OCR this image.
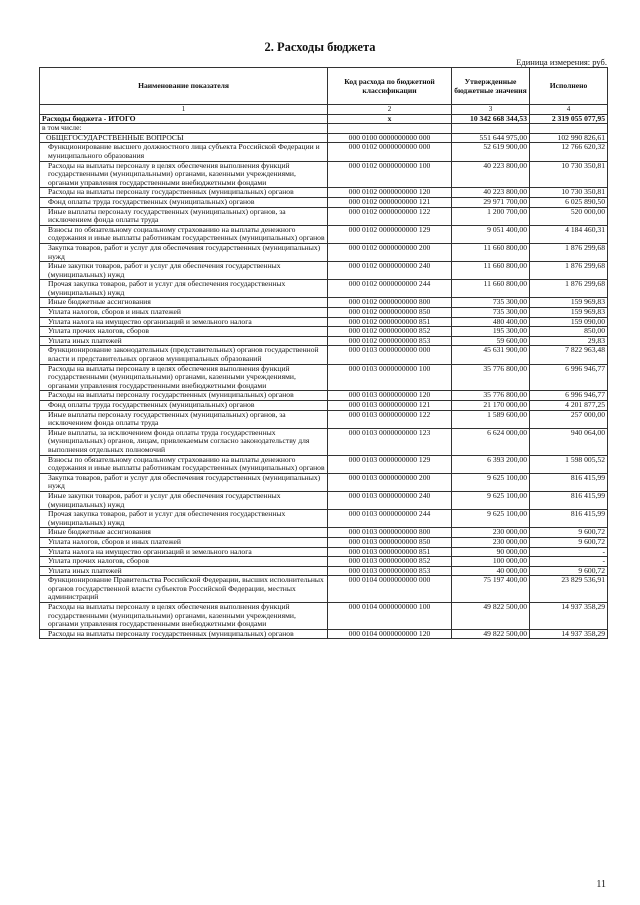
2. Расходы бюджета
Единица измерения: руб.
Наименование показателя	Код расхода по бюджетной классификации	Утвержденные бюджетные значения	Исполнено
1	2	3	4
Расходы бюджета - ИТОГО	x	10 342 668 344,53	2 319 055 077,95
в том числе:			
ОБЩЕГОСУДАРСТВЕННЫЕ ВОПРОСЫ	000 0100 0000000000 000	551 644 975,00	102 990 826,61
Функционирование высшего должностного лица субъекта Российской Федерации и муниципального образования	000 0102 0000000000 000	52 619 900,00	12 766 620,32
Расходы на выплаты персоналу в целях обеспечения выполнения функций государственными (муниципальными) органами, казенными учреждениями, органами управления государственными внебюджетными фондами	000 0102 0000000000 100	40 223 800,00	10 730 350,81
Расходы на выплаты персоналу государственных (муниципальных) органов	000 0102 0000000000 120	40 223 800,00	10 730 350,81
Фонд оплаты труда государственных (муниципальных) органов	000 0102 0000000000 121	29 971 700,00	6 025 890,50
Иные выплаты персоналу государственных (муниципальных) органов, за исключением фонда оплаты труда	000 0102 0000000000 122	1 200 700,00	520 000,00
Взносы по обязательному социальному страхованию на выплаты денежного содержания и иные выплаты работникам государственных (муниципальных) органов	000 0102 0000000000 129	9 051 400,00	4 184 460,31
Закупка товаров, работ и услуг для обеспечения государственных (муниципальных) нужд	000 0102 0000000000 200	11 660 800,00	1 876 299,68
Иные закупки товаров, работ и услуг для обеспечения государственных (муниципальных) нужд	000 0102 0000000000 240	11 660 800,00	1 876 299,68
Прочая закупка товаров, работ и услуг для обеспечения государственных (муниципальных) нужд	000 0102 0000000000 244	11 660 800,00	1 876 299,68
Иные бюджетные ассигнования	000 0102 0000000000 800	735 300,00	159 969,83
Уплата налогов, сборов и иных платежей	000 0102 0000000000 850	735 300,00	159 969,83
Уплата налога на имущество организаций и земельного налога	000 0102 0000000000 851	480 400,00	159 090,00
Уплата прочих налогов, сборов	000 0102 0000000000 852	195 300,00	850,00
Уплата иных платежей	000 0102 0000000000 853	59 600,00	29,83
Функционирование законодательных (представительных) органов государственной власти и представительных органов муниципальных образований	000 0103 0000000000 000	45 631 900,00	7 822 963,48
Расходы на выплаты персоналу в целях обеспечения выполнения функций государственными (муниципальными) органами, казенными учреждениями, органами управления государственными внебюджетными фондами	000 0103 0000000000 100	35 776 800,00	6 996 946,77
Расходы на выплаты персоналу государственных (муниципальных) органов	000 0103 0000000000 120	35 776 800,00	6 996 946,77
Фонд оплаты труда государственных (муниципальных) органов	000 0103 0000000000 121	21 170 000,00	4 201 877,25
Иные выплаты персоналу государственных (муниципальных) органов, за исключением фонда оплаты труда	000 0103 0000000000 122	1 589 600,00	257 000,00
Иные выплаты, за исключением фонда оплаты труда государственных (муниципальных) органов, лицам, привлекаемым согласно законодательству для выполнения отдельных полномочий	000 0103 0000000000 123	6 624 000,00	940 064,00
Взносы по обязательному социальному страхованию на выплаты денежного содержания и иные выплаты работникам государственных (муниципальных) органов	000 0103 0000000000 129	6 393 200,00	1 598 005,52
Закупка товаров, работ и услуг для обеспечения государственных (муниципальных) нужд	000 0103 0000000000 200	9 625 100,00	816 415,99
Иные закупки товаров, работ и услуг для обеспечения государственных (муниципальных) нужд	000 0103 0000000000 240	9 625 100,00	816 415,99
Прочая закупка товаров, работ и услуг для обеспечения государственных (муниципальных) нужд	000 0103 0000000000 244	9 625 100,00	816 415,99
Иные бюджетные ассигнования	000 0103 0000000000 800	230 000,00	9 600,72
Уплата налогов, сборов и иных платежей	000 0103 0000000000 850	230 000,00	9 600,72
Уплата налога на имущество организаций и земельного налога	000 0103 0000000000 851	90 000,00	-
Уплата прочих налогов, сборов	000 0103 0000000000 852	100 000,00	-
Уплата иных платежей	000 0103 0000000000 853	40 000,00	9 600,72
Функционирование Правительства Российской Федерации, высших исполнительных органов государственной власти субъектов Российской Федерации, местных администраций	000 0104 0000000000 000	75 197 400,00	23 829 536,91
Расходы на выплаты персоналу в целях обеспечения выполнения функций государственными (муниципальными) органами, казенными учреждениями, органами управления государственными внебюджетными фондами	000 0104 0000000000 100	49 822 500,00	14 937 358,29
Расходы на выплаты персоналу государственных (муниципальных) органов	000 0104 0000000000 120	49 822 500,00	14 937 358,29
11
